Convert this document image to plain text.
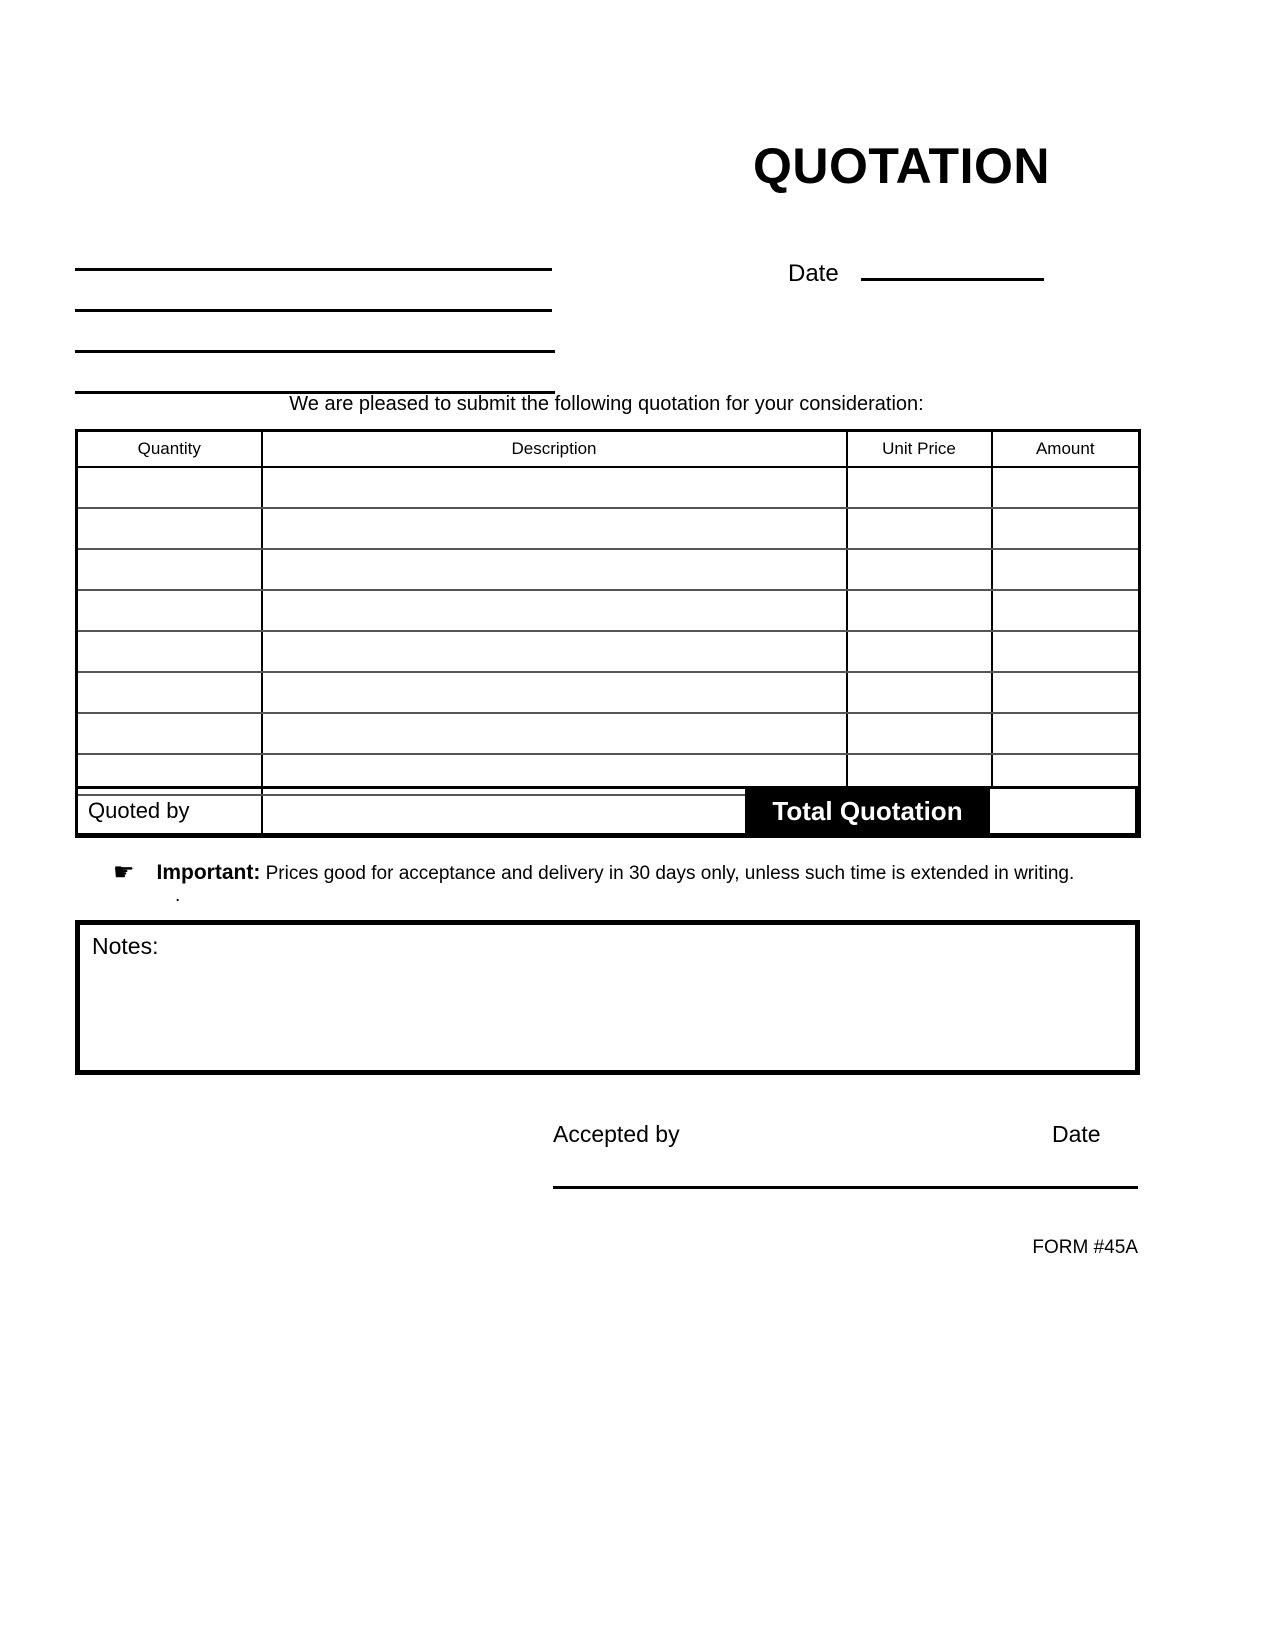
QUOTATION
Date
We are pleased to submit the following quotation for your consideration:
Quantity	Description	Unit Price	Amount

Quoted by	Total Quotation
☛ Important: Prices good for acceptance and delivery in 30 days only, unless such time is extended in writing.
.
Notes:
Accepted by	Date
FORM #45A
